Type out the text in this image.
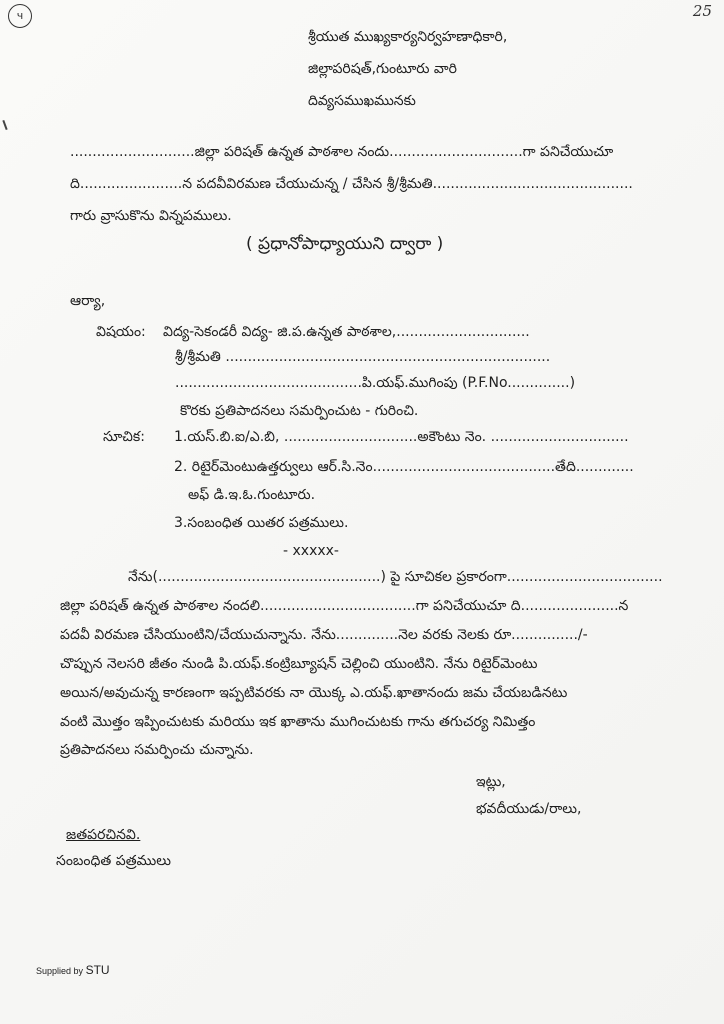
ч	25
శ్రీయుత ముఖ్యకార్యనిర్వహణాధికారి,
జిల్లాపరిషత్,గుంటూరు వారి
దివ్యసముఖమునకు
............................జిల్లా పరిషత్ ఉన్నత పాఠశాల నందు..............................గా పనిచేయుచూ
ది.......................న పదవీవిరమణ చేయుచున్న / చేసిన శ్రీ/శ్రీమతి.............................................
గారు వ్రాసుకొను విన్నపములు.
( ప్రధానోపాధ్యాయుని ద్వారా )
ఆర్యా,
విషయం: విద్య-సెకండరీ విద్య- జి.ప.ఉన్నత పాఠశాల,..............................
శ్రీ/శ్రీమతి .........................................................................
..........................................పి.యఫ్.ముగింపు (P.F.No..............)
కొరకు ప్రతిపాదనలు సమర్పించుట - గురించి.
సూచిక: 1.యస్.బి.ఐ/ఎ.బి, ..............................అకౌంటు నెం. ...............................
2. రిటైర్‌మెంటుఉత్తర్వులు ఆర్.సి.నెం.........................................తేది.............
అఫ్ డి.ఇ.ఓ.గుంటూరు.
3.సంబంధిత యితర పత్రములు.
- xxxxx-
నేను(..................................................) పై సూచికల ప్రకారంగా...................................
జిల్లా పరిషత్ ఉన్నత పాఠశాల నందలి...................................గా పనిచేయుచూ ది......................న
పదవీ విరమణ చేసియుంటిని/చేయుచున్నాను. నేను..............నెల వరకు నెలకు రూ.............../-
చొప్పున నెలసరి జీతం నుండి పి.యఫ్.కంట్రిబ్యూషన్ చెల్లించి యుంటిని. నేను రిటైర్‌మెంటు
అయిన/అవుచున్న కారణంగా ఇప్పటివరకు నా యొక్క ఎ.యఫ్.ఖాతానందు జమ చేయబడినటు
వంటి మొత్తం ఇప్పించుటకు మరియు ఇక ఖాతాను ముగించుటకు గాను తగుచర్య నిమిత్తం
ప్రతిపాదనలు సమర్పించు చున్నాను.
ఇట్లు,
భవదీయుడు/రాలు,
జతపరచినవి.
సంబంధిత పత్రములు
Supplied by STU
